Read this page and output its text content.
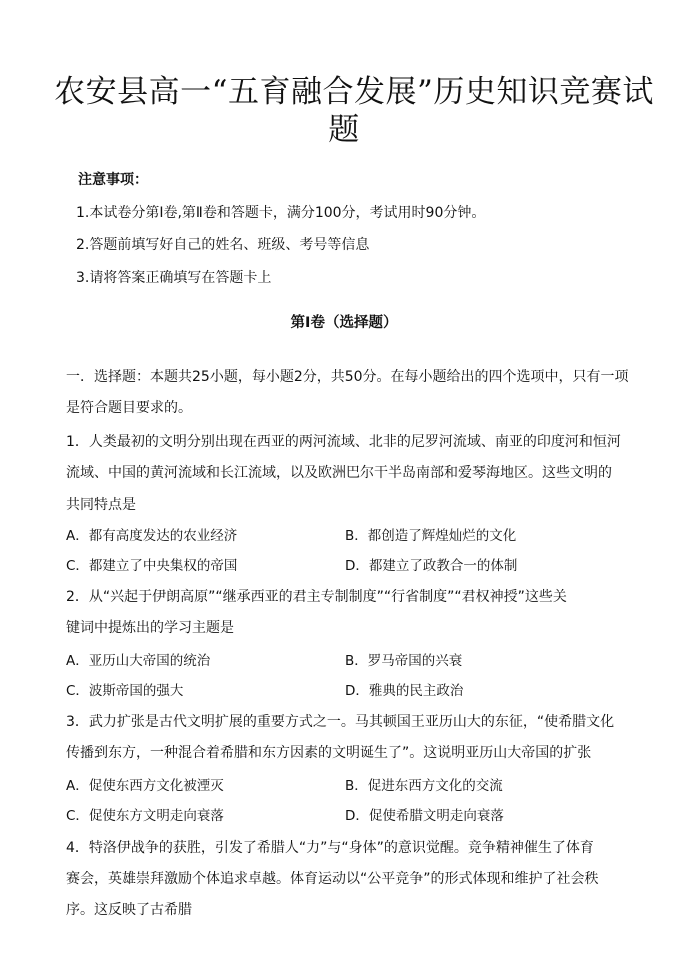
农安县高一“五育融合发展”历史知识竞赛试
题
注意事项：
1.本试卷分第Ⅰ卷,第Ⅱ卷和答题卡，满分100分，考试用时90分钟。
2.答题前填写好自己的姓名、班级、考号等信息
3.请将答案正确填写在答题卡上
第Ⅰ卷（选择题）
一．选择题：本题共25小题，每小题2分，共50分。在每小题给出的四个选项中，只有一项
是符合题目要求的。
1．人类最初的文明分别出现在西亚的两河流域、北非的尼罗河流域、南亚的印度河和恒河
流域、中国的黄河流域和长江流域，以及欧洲巴尔干半岛南部和爱琴海地区。这些文明的
共同特点是
A．都有高度发达的农业经济	B．都创造了辉煌灿烂的文化
C．都建立了中央集权的帝国	D．都建立了政教合一的体制
2．从“兴起于伊朗高原”“继承西亚的君主专制制度”“行省制度”“君权神授”这些关
键词中提炼出的学习主题是
A．亚历山大帝国的统治	B．罗马帝国的兴衰
C．波斯帝国的强大	D．雅典的民主政治
3．武力扩张是古代文明扩展的重要方式之一。马其顿国王亚历山大的东征，“使希腊文化
传播到东方，一种混合着希腊和东方因素的文明诞生了”。这说明亚历山大帝国的扩张
A．促使东西方文化被湮灭	B．促进东西方文化的交流
C．促使东方文明走向衰落	D．促使希腊文明走向衰落
4．特洛伊战争的获胜，引发了希腊人“力”与“身体”的意识觉醒。竞争精神催生了体育
赛会，英雄崇拜激励个体追求卓越。体育运动以“公平竞争”的形式体现和维护了社会秩
序。这反映了古希腊
